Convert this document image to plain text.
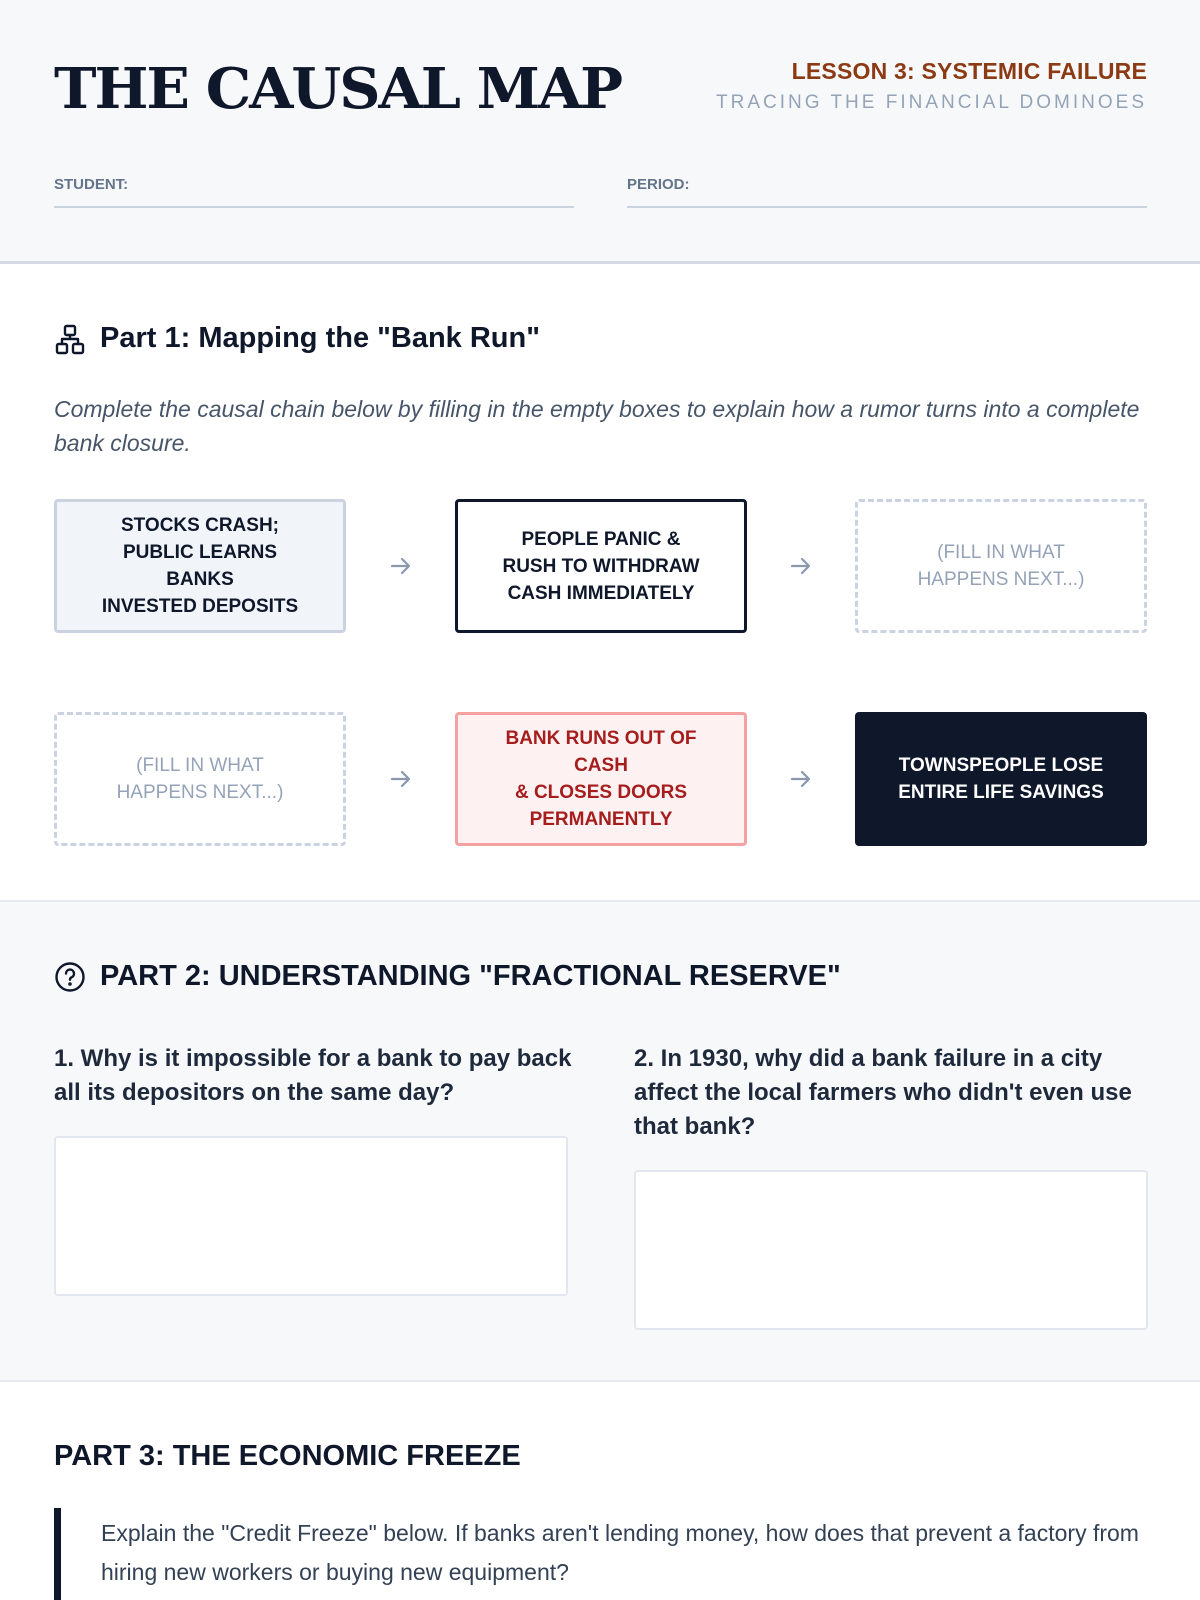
THE CAUSAL MAP	LESSON 3: SYSTEMIC FAILURE
TRACING THE FINANCIAL DOMINOES
STUDENT:	PERIOD:
Part 1: Mapping the "Bank Run"
Complete the causal chain below by filling in the empty boxes to explain how a rumor turns into a complete bank closure.
STOCKS CRASH;
PUBLIC LEARNS
BANKS
INVESTED DEPOSITS
PEOPLE PANIC &
RUSH TO WITHDRAW
CASH IMMEDIATELY
(FILL IN WHAT
HAPPENS NEXT...)
(FILL IN WHAT
HAPPENS NEXT...)
BANK RUNS OUT OF
CASH
& CLOSES DOORS
PERMANENTLY
TOWNSPEOPLE LOSE
ENTIRE LIFE SAVINGS
PART 2: UNDERSTANDING "FRACTIONAL RESERVE"
1. Why is it impossible for a bank to pay back all its depositors on the same day?
2. In 1930, why did a bank failure in a city affect the local farmers who didn't even use that bank?
PART 3: THE ECONOMIC FREEZE
Explain the "Credit Freeze" below. If banks aren't lending money, how does that prevent a factory from hiring new workers or buying new equipment?
